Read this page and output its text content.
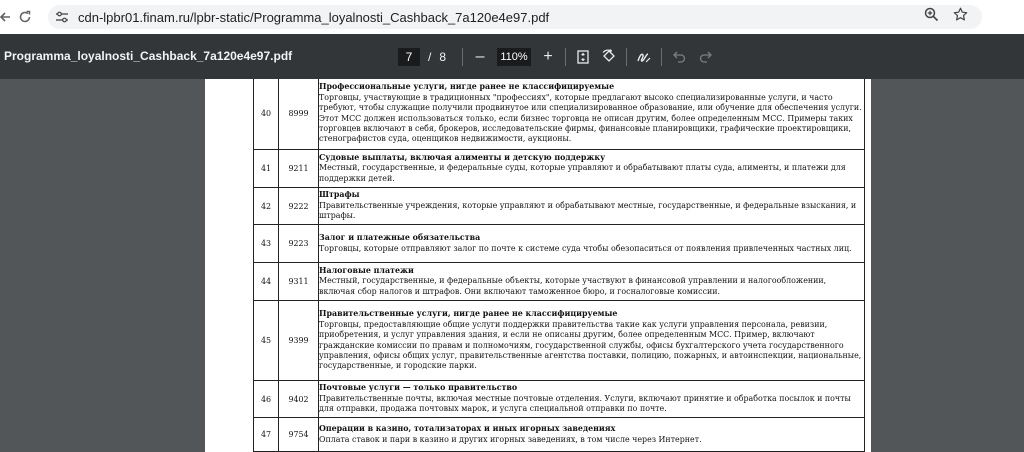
cdn-lpbr01.finam.ru/lpbr-static/Programma_loyalnosti_Cashback_7a120e4e97.pdf
Programma_loyalnosti_Cashback_7a120e4e97.pdf	7	/ 8 –	110% +
40	8999	Профессиональные услуги, нигде ранее не классифицируемые
Торговцы, участвующие в традиционных "профессиях", которые предлагают высоко специализированные услуги, и часто требуют, чтобы служащие получили продвинутое или специализированное образование, или обучение для обеспечения услуги. Этот МСС должен использоваться только, если бизнес торговца не описан другим, более определенным МСС. Примеры таких торговцев включают в себя, брокеров, исследовательские фирмы, финансовые планировщики, графические проектировщики, стенографистов суда, оценщиков недвижимости, аукционы.

41	9211	Судовые выплаты, включая алименты и детскую поддержку
Местный, государственные, и федеральные суды, которые управляют и обрабатывают платы суда, алименты, и платежи для поддержки детей.

42	9222	Штрафы
Правительственные учреждения, которые управляют и обрабатывают местные, государственные, и федеральные взыскания, и штрафы.

43	9223	Залог и платежные обязательства
Торговцы, которые отправляют залог по почте к системе суда чтобы обезопаситься от появления привлеченных частных лиц.

44	9311	Налоговые платежи
Местный, государственные, и федеральные объекты, которые участвуют в финансовой управлении и налогообложении, включая сбор налогов и штрафов. Они включают таможенное бюро, и госналоговые комиссии.

45	9399	Правительственные услуги, нигде ранее не классифицируемые
Торговцы, предоставляющие общие услуги поддержки правительства такие как услуги управления персонала, ревизии, приобретения, и услуг управления здания, и если не описаны другим, более определенным МСС. Пример, включают гражданские комиссии по правам и полномочиям, государственной службы, офисы бухгалтерского учета государственного управления, офисы общих услуг, правительственные агентства поставки, полицию, пожарных, и автоинспекции, национальные, государственные, и городские парки.

46	9402	Почтовые услуги — только правительство
Правительственные почты, включая местные почтовые отделения. Услуги, включают принятие и обработка посылок и почты для отправки, продажа почтовых марок, и услуга специальной отправки по почте.

47	9754	Операции в казино, тотализаторах и иных игорных заведениях
Оплата ставок и пари в казино и других игорных заведениях, в том числе через Интернет.
